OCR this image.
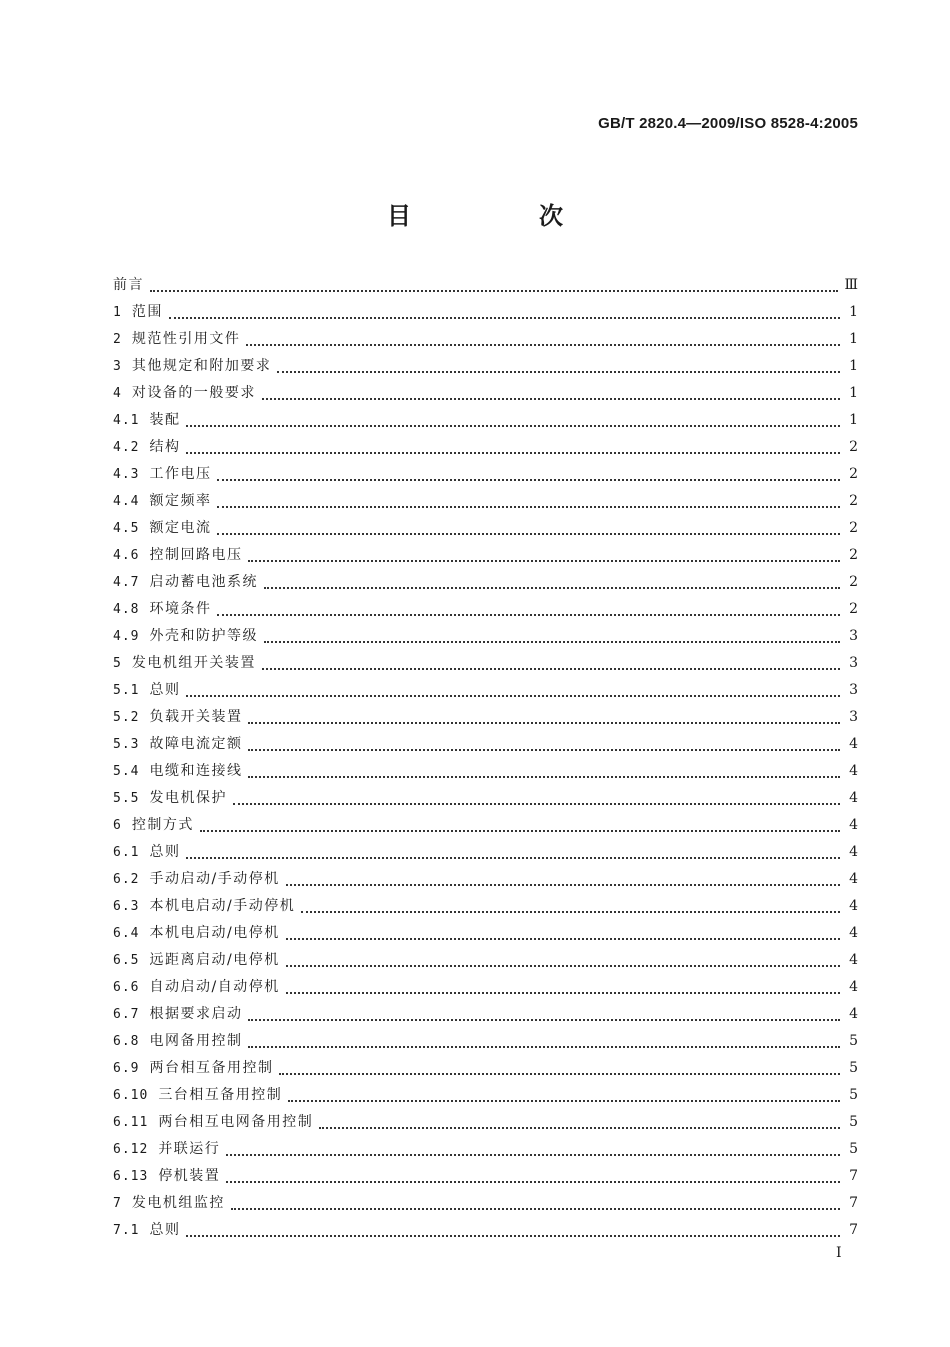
GB/T 2820.4—2009/ISO 8528-4:2005
目　次
前言	Ⅲ
1 范围	1
2 规范性引用文件	1
3 其他规定和附加要求	1
4 对设备的一般要求	1
4.1 装配	1
4.2 结构	2
4.3 工作电压	2
4.4 额定频率	2
4.5 额定电流	2
4.6 控制回路电压	2
4.7 启动蓄电池系统	2
4.8 环境条件	2
4.9 外壳和防护等级	3
5 发电机组开关装置	3
5.1 总则	3
5.2 负载开关装置	3
5.3 故障电流定额	4
5.4 电缆和连接线	4
5.5 发电机保护	4
6 控制方式	4
6.1 总则	4
6.2 手动启动/手动停机	4
6.3 本机电启动/手动停机	4
6.4 本机电启动/电停机	4
6.5 远距离启动/电停机	4
6.6 自动启动/自动停机	4
6.7 根据要求启动	4
6.8 电网备用控制	5
6.9 两台相互备用控制	5
6.10 三台相互备用控制	5
6.11 两台相互电网备用控制	5
6.12 并联运行	5
6.13 停机装置	7
7 发电机组监控	7
7.1 总则	7
I
